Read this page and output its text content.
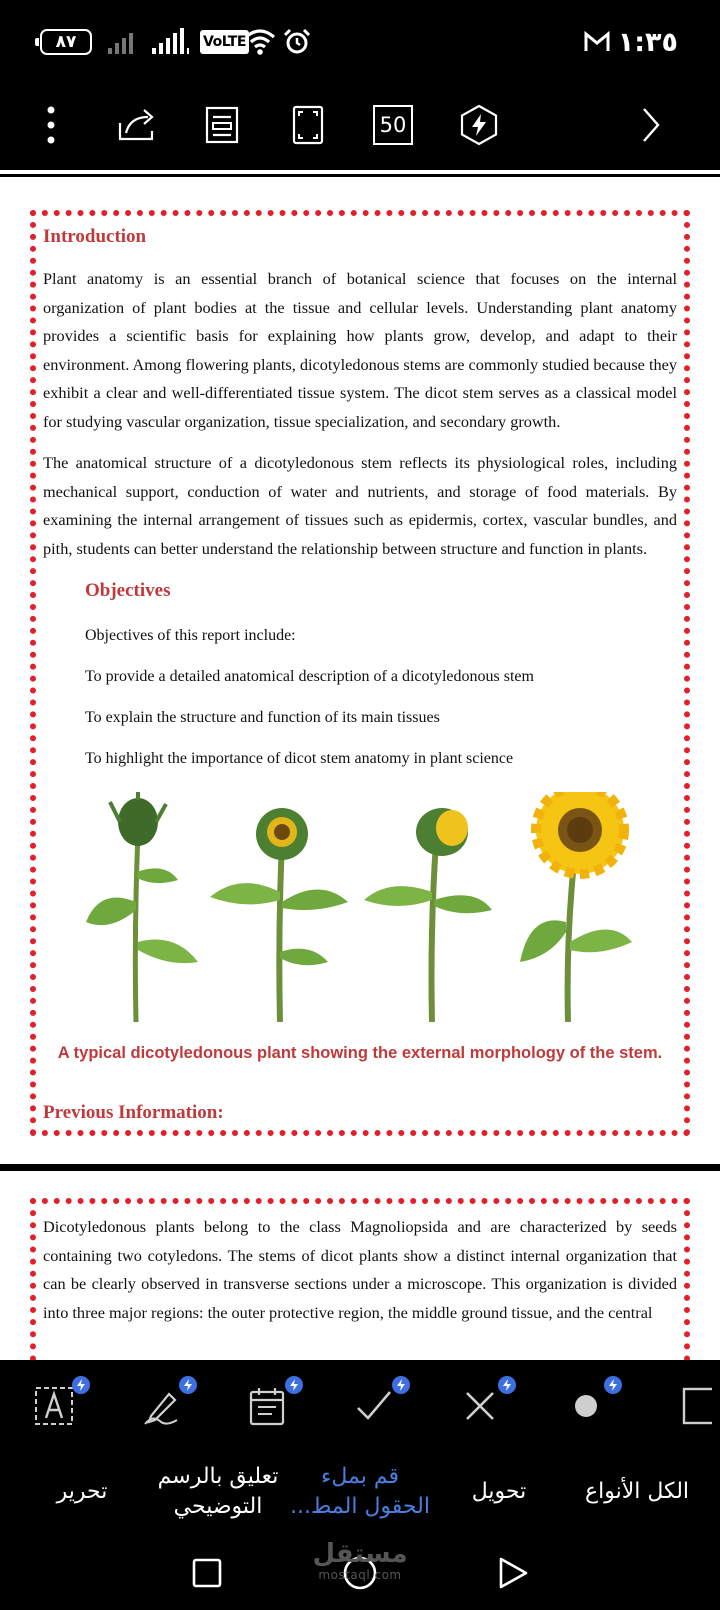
٨٧	VoLTE	١:٣٥
50
Introduction
Plant anatomy is an essential branch of botanical science that focuses on the internal organization of plant bodies at the tissue and cellular levels. Understanding plant anatomy provides a scientific basis for explaining how plants grow, develop, and adapt to their environment. Among flowering plants, dicotyledonous stems are commonly studied because they exhibit a clear and well-differentiated tissue system. The dicot stem serves as a classical model for studying vascular organization, tissue specialization, and secondary growth.
The anatomical structure of a dicotyledonous stem reflects its physiological roles, including mechanical support, conduction of water and nutrients, and storage of food materials. By examining the internal arrangement of tissues such as epidermis, cortex, vascular bundles, and pith, students can better understand the relationship between structure and function in plants.
Objectives
Objectives of this report include:
To provide a detailed anatomical description of a dicotyledonous stem
To explain the structure and function of its main tissues
To highlight the importance of dicot stem anatomy in plant science
A typical dicotyledonous plant showing the external morphology of the stem.
Previous Information:
Dicotyledonous plants belong to the class Magnoliopsida and are characterized by seeds containing two cotyledons. The stems of dicot plants show a distinct internal organization that can be clearly observed in transverse sections under a microscope. This organization is divided into three major regions: the outer protective region, the middle ground tissue, and the central
تحرير
تعليق بالرسم
التوضيحي
قم بملء
الحقول المط...
تحويل	الكل الأنواع
مستقل
mostaql.com
